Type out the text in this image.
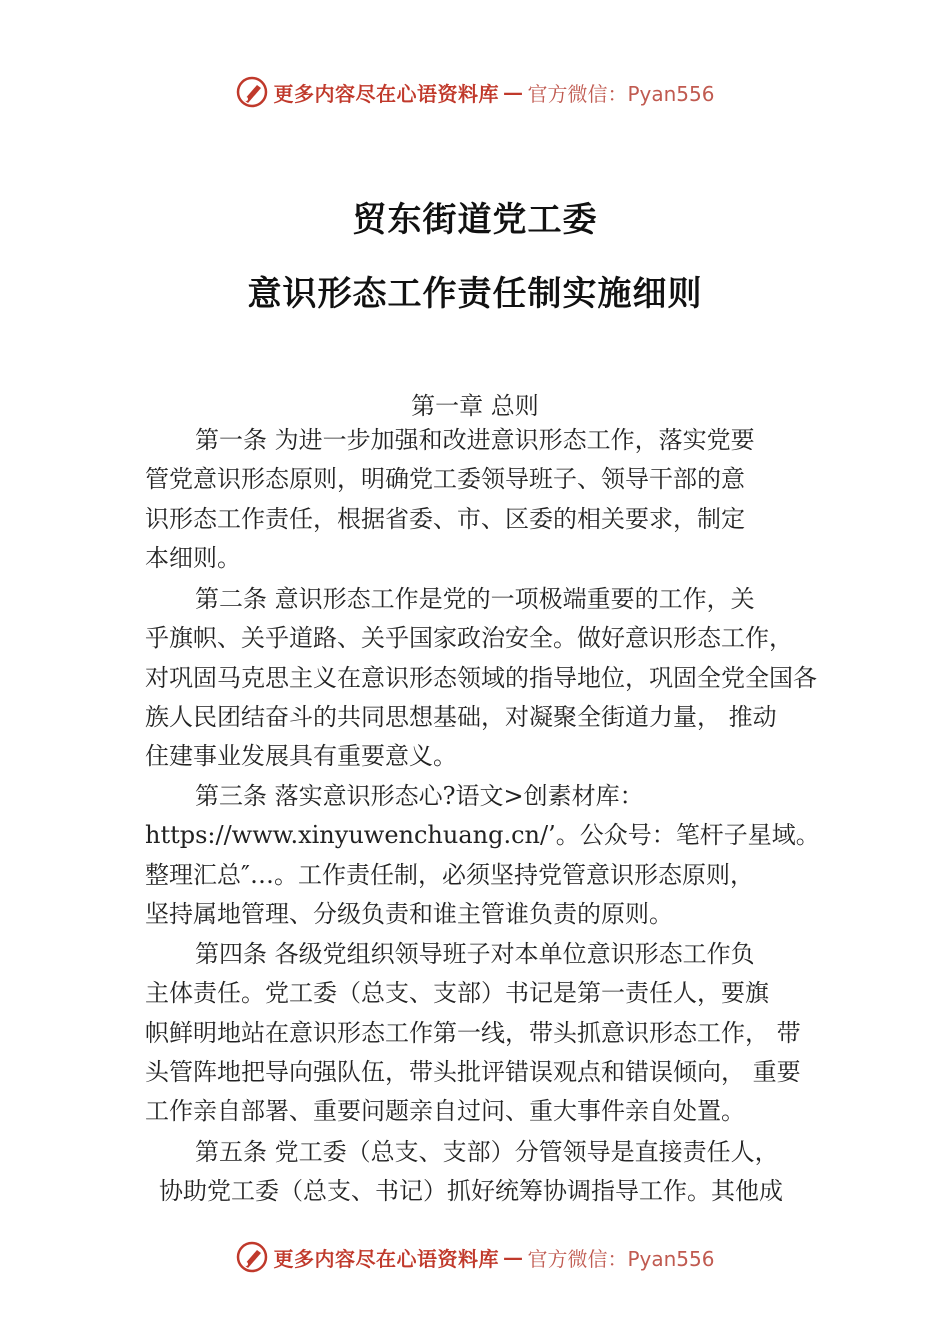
更多内容尽在心语资料库 — 官方微信：Pyan556
贸东街道党工委
意识形态工作责任制实施细则
第一章 总则
第一条 为进一步加强和改进意识形态工作，落实党要
管党意识形态原则，明确党工委领导班子、领导干部的意
识形态工作责任，根据省委、市、区委的相关要求，制定
本细则。
第二条 意识形态工作是党的一项极端重要的工作，关
乎旗帜、关乎道路、关乎国家政治安全。做好意识形态工作，
对巩固马克思主义在意识形态领域的指导地位，巩固全党全国各
族人民团结奋斗的共同思想基础，对凝聚全街道力量， 推动
住建事业发展具有重要意义。
第三条 落实意识形态心?语文>创素材库：
https://www.xinyuwenchuang.cn/’。公众号：笔杆子星域。
整理汇总″…。工作责任制，必须坚持党管意识形态原则，
坚持属地管理、分级负责和谁主管谁负责的原则。
第四条 各级党组织领导班子对本单位意识形态工作负
主体责任。党工委（总支、支部）书记是第一责任人，要旗
帜鲜明地站在意识形态工作第一线，带头抓意识形态工作， 带
头管阵地把导向强队伍，带头批评错误观点和错误倾向， 重要
工作亲自部署、重要问题亲自过问、重大事件亲自处置。
第五条 党工委（总支、支部）分管领导是直接责任人，
协助党工委（总支、书记）抓好统筹协调指导工作。其他成
更多内容尽在心语资料库 — 官方微信：Pyan556
